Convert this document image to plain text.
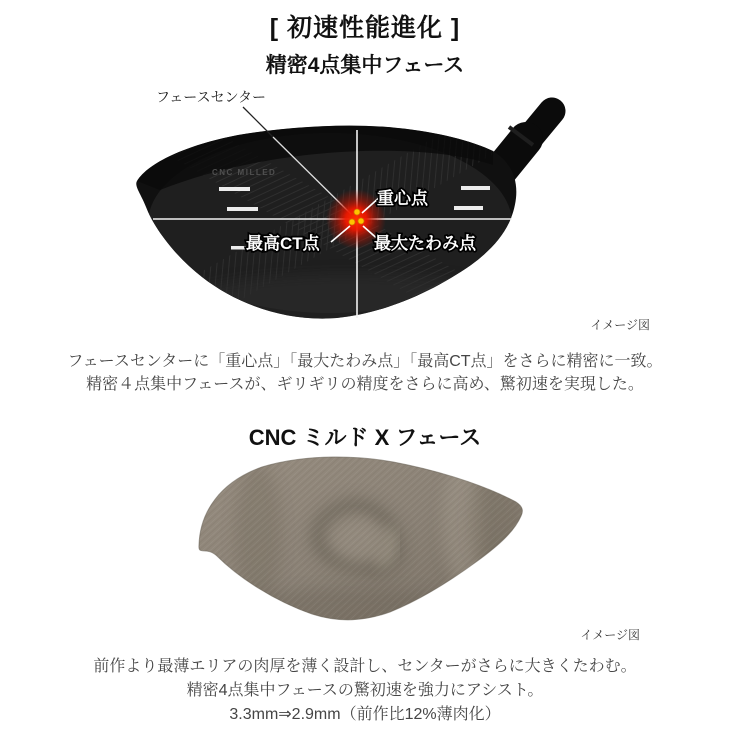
[ 初速性能進化 ]
精密4点集中フェース
CNC MILLED
重心点
最高CT点	最大たわみ点
フェースセンター
イメージ図
フェースセンターに「重心点」「最大たわみ点」「最高CT点」をさらに精密に一致。
精密４点集中フェースが、ギリギリの精度をさらに高め、驚初速を実現した。
CNC ミルド X フェース
イメージ図
前作より最薄エリアの肉厚を薄く設計し、センターがさらに大きくたわむ。
精密4点集中フェースの驚初速を強力にアシスト。
3.3mm⇒2.9mm（前作比12%薄肉化）
